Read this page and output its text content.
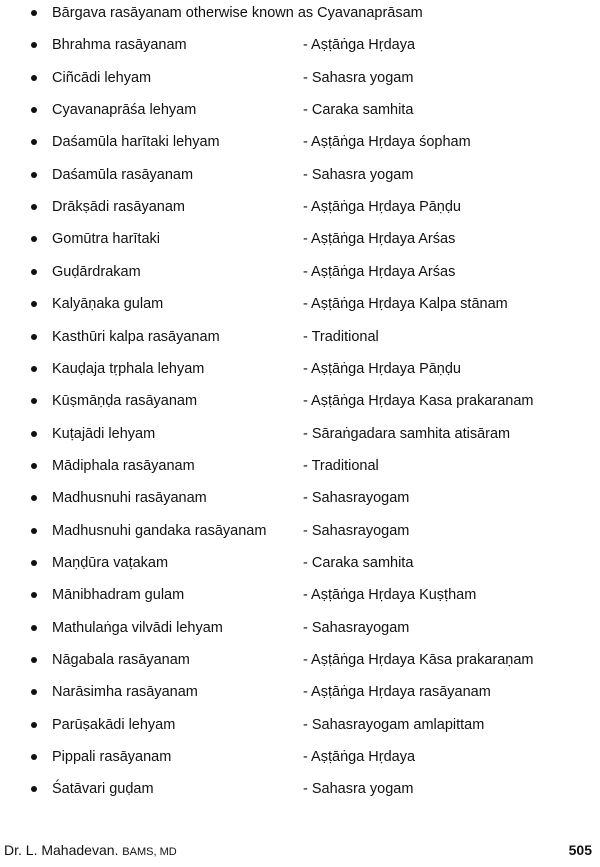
Bārgava rasāyanam otherwise known as Cyavanaprāsam
Bhrahma rasāyanam	- Aṣṭāṅga Hṛdaya
Ciñcādi lehyam	- Sahasra yogam
Cyavanaprāśa lehyam	- Caraka samhita
Daśamūla harītaki lehyam	- Aṣṭāṅga Hṛdaya śopham
Daśamūla rasāyanam	- Sahasra yogam
Drākṣādi rasāyanam	- Aṣṭāṅga Hṛdaya Pāṇḍu
Gomūtra harītaki	- Aṣṭāṅga Hṛdaya Arśas
Guḍārdrakam	- Aṣṭāṅga Hṛdaya Arśas
Kalyāṇaka gulam	- Aṣṭāṅga Hṛdaya Kalpa stānam
Kasthūri kalpa rasāyanam	- Traditional
Kauḍaja tṛphala lehyam	- Aṣṭāṅga Hṛdaya Pāṇḍu
Kūṣmāṇḍa rasāyanam	- Aṣṭāṅga Hṛdaya Kasa prakaranam
Kuṭajādi lehyam	- Sāraṅgadara samhita atisāram
Mādiphala rasāyanam	- Traditional
Madhusnuhi rasāyanam	- Sahasrayogam
Madhusnuhi gandaka rasāyanam	- Sahasrayogam
Maṇḍūra vaṭakam	- Caraka samhita
Mānibhadram gulam	- Aṣṭāṅga Hṛdaya Kuṣṭham
Mathulaṅga vilvādi lehyam	- Sahasrayogam
Nāgabala rasāyanam	- Aṣṭāṅga Hṛdaya Kāsa prakaraṇam
Narāsimha rasāyanam	- Aṣṭāṅga Hṛdaya rasāyanam
Parūṣakādi lehyam	- Sahasrayogam amlapittam
Pippali rasāyanam	- Aṣṭāṅga Hṛdaya
Śatāvari guḍam	- Sahasra yogam
Dr. L. Mahadevan. BAMS, MD	505
